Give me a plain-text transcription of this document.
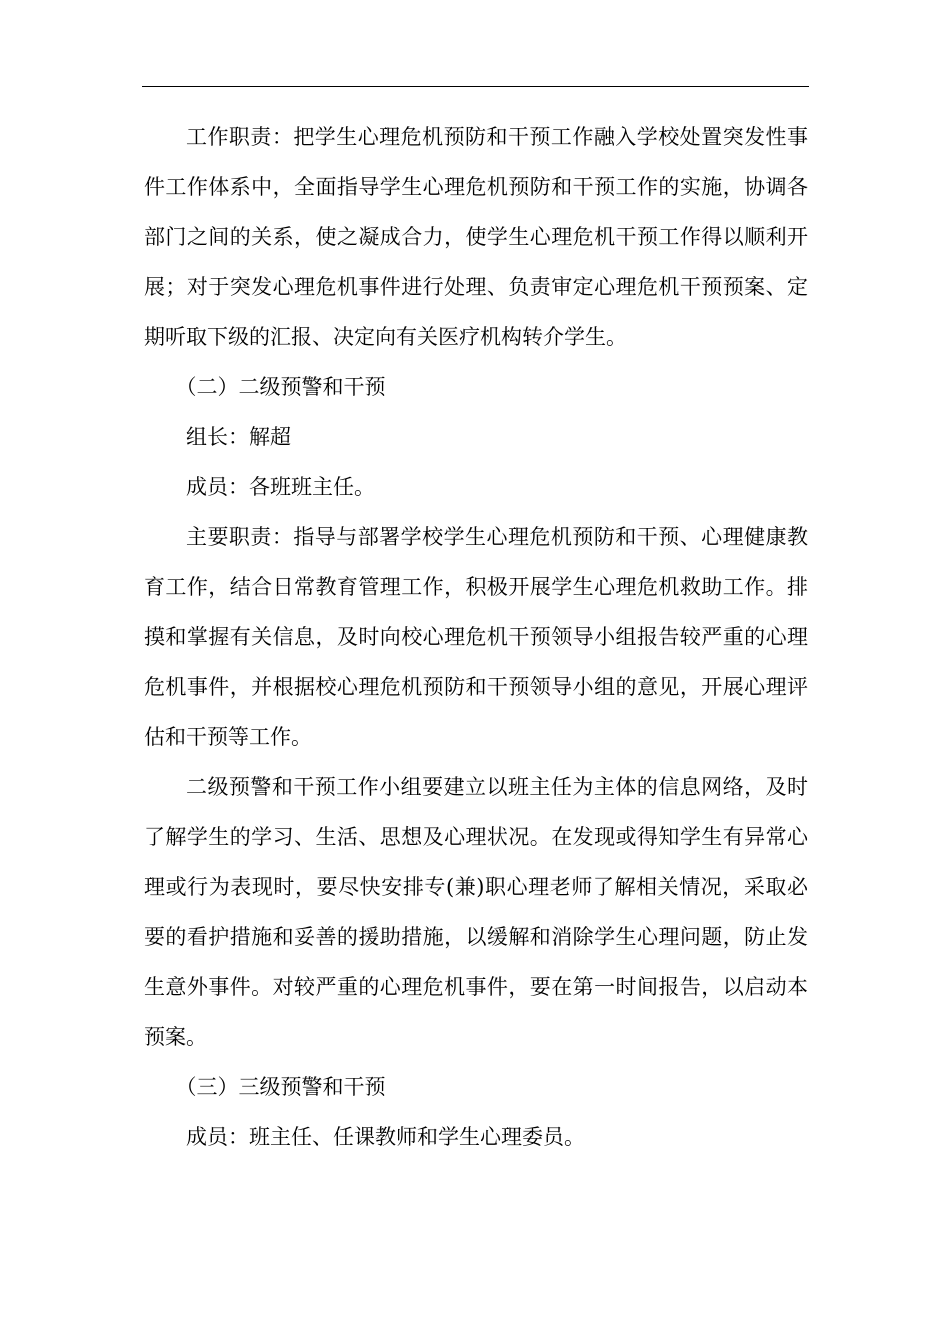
工作职责：把学生心理危机预防和干预工作融入学校处置突发性事件工作体系中，全面指导学生心理危机预防和干预工作的实施，协调各部门之间的关系，使之凝成合力，使学生心理危机干预工作得以顺利开展；对于突发心理危机事件进行处理、负责审定心理危机干预预案、定期听取下级的汇报、决定向有关医疗机构转介学生。

（二）二级预警和干预

组长：解超

成员：各班班主任。

主要职责：指导与部署学校学生心理危机预防和干预、心理健康教育工作，结合日常教育管理工作，积极开展学生心理危机救助工作。排摸和掌握有关信息，及时向校心理危机干预领导小组报告较严重的心理危机事件，并根据校心理危机预防和干预领导小组的意见，开展心理评估和干预等工作。

二级预警和干预工作小组要建立以班主任为主体的信息网络，及时了解学生的学习、生活、思想及心理状况。在发现或得知学生有异常心理或行为表现时，要尽快安排专(兼)职心理老师了解相关情况，采取必要的看护措施和妥善的援助措施，以缓解和消除学生心理问题，防止发生意外事件。对较严重的心理危机事件，要在第一时间报告，以启动本预案。

（三）三级预警和干预

成员：班主任、任课教师和学生心理委员。
